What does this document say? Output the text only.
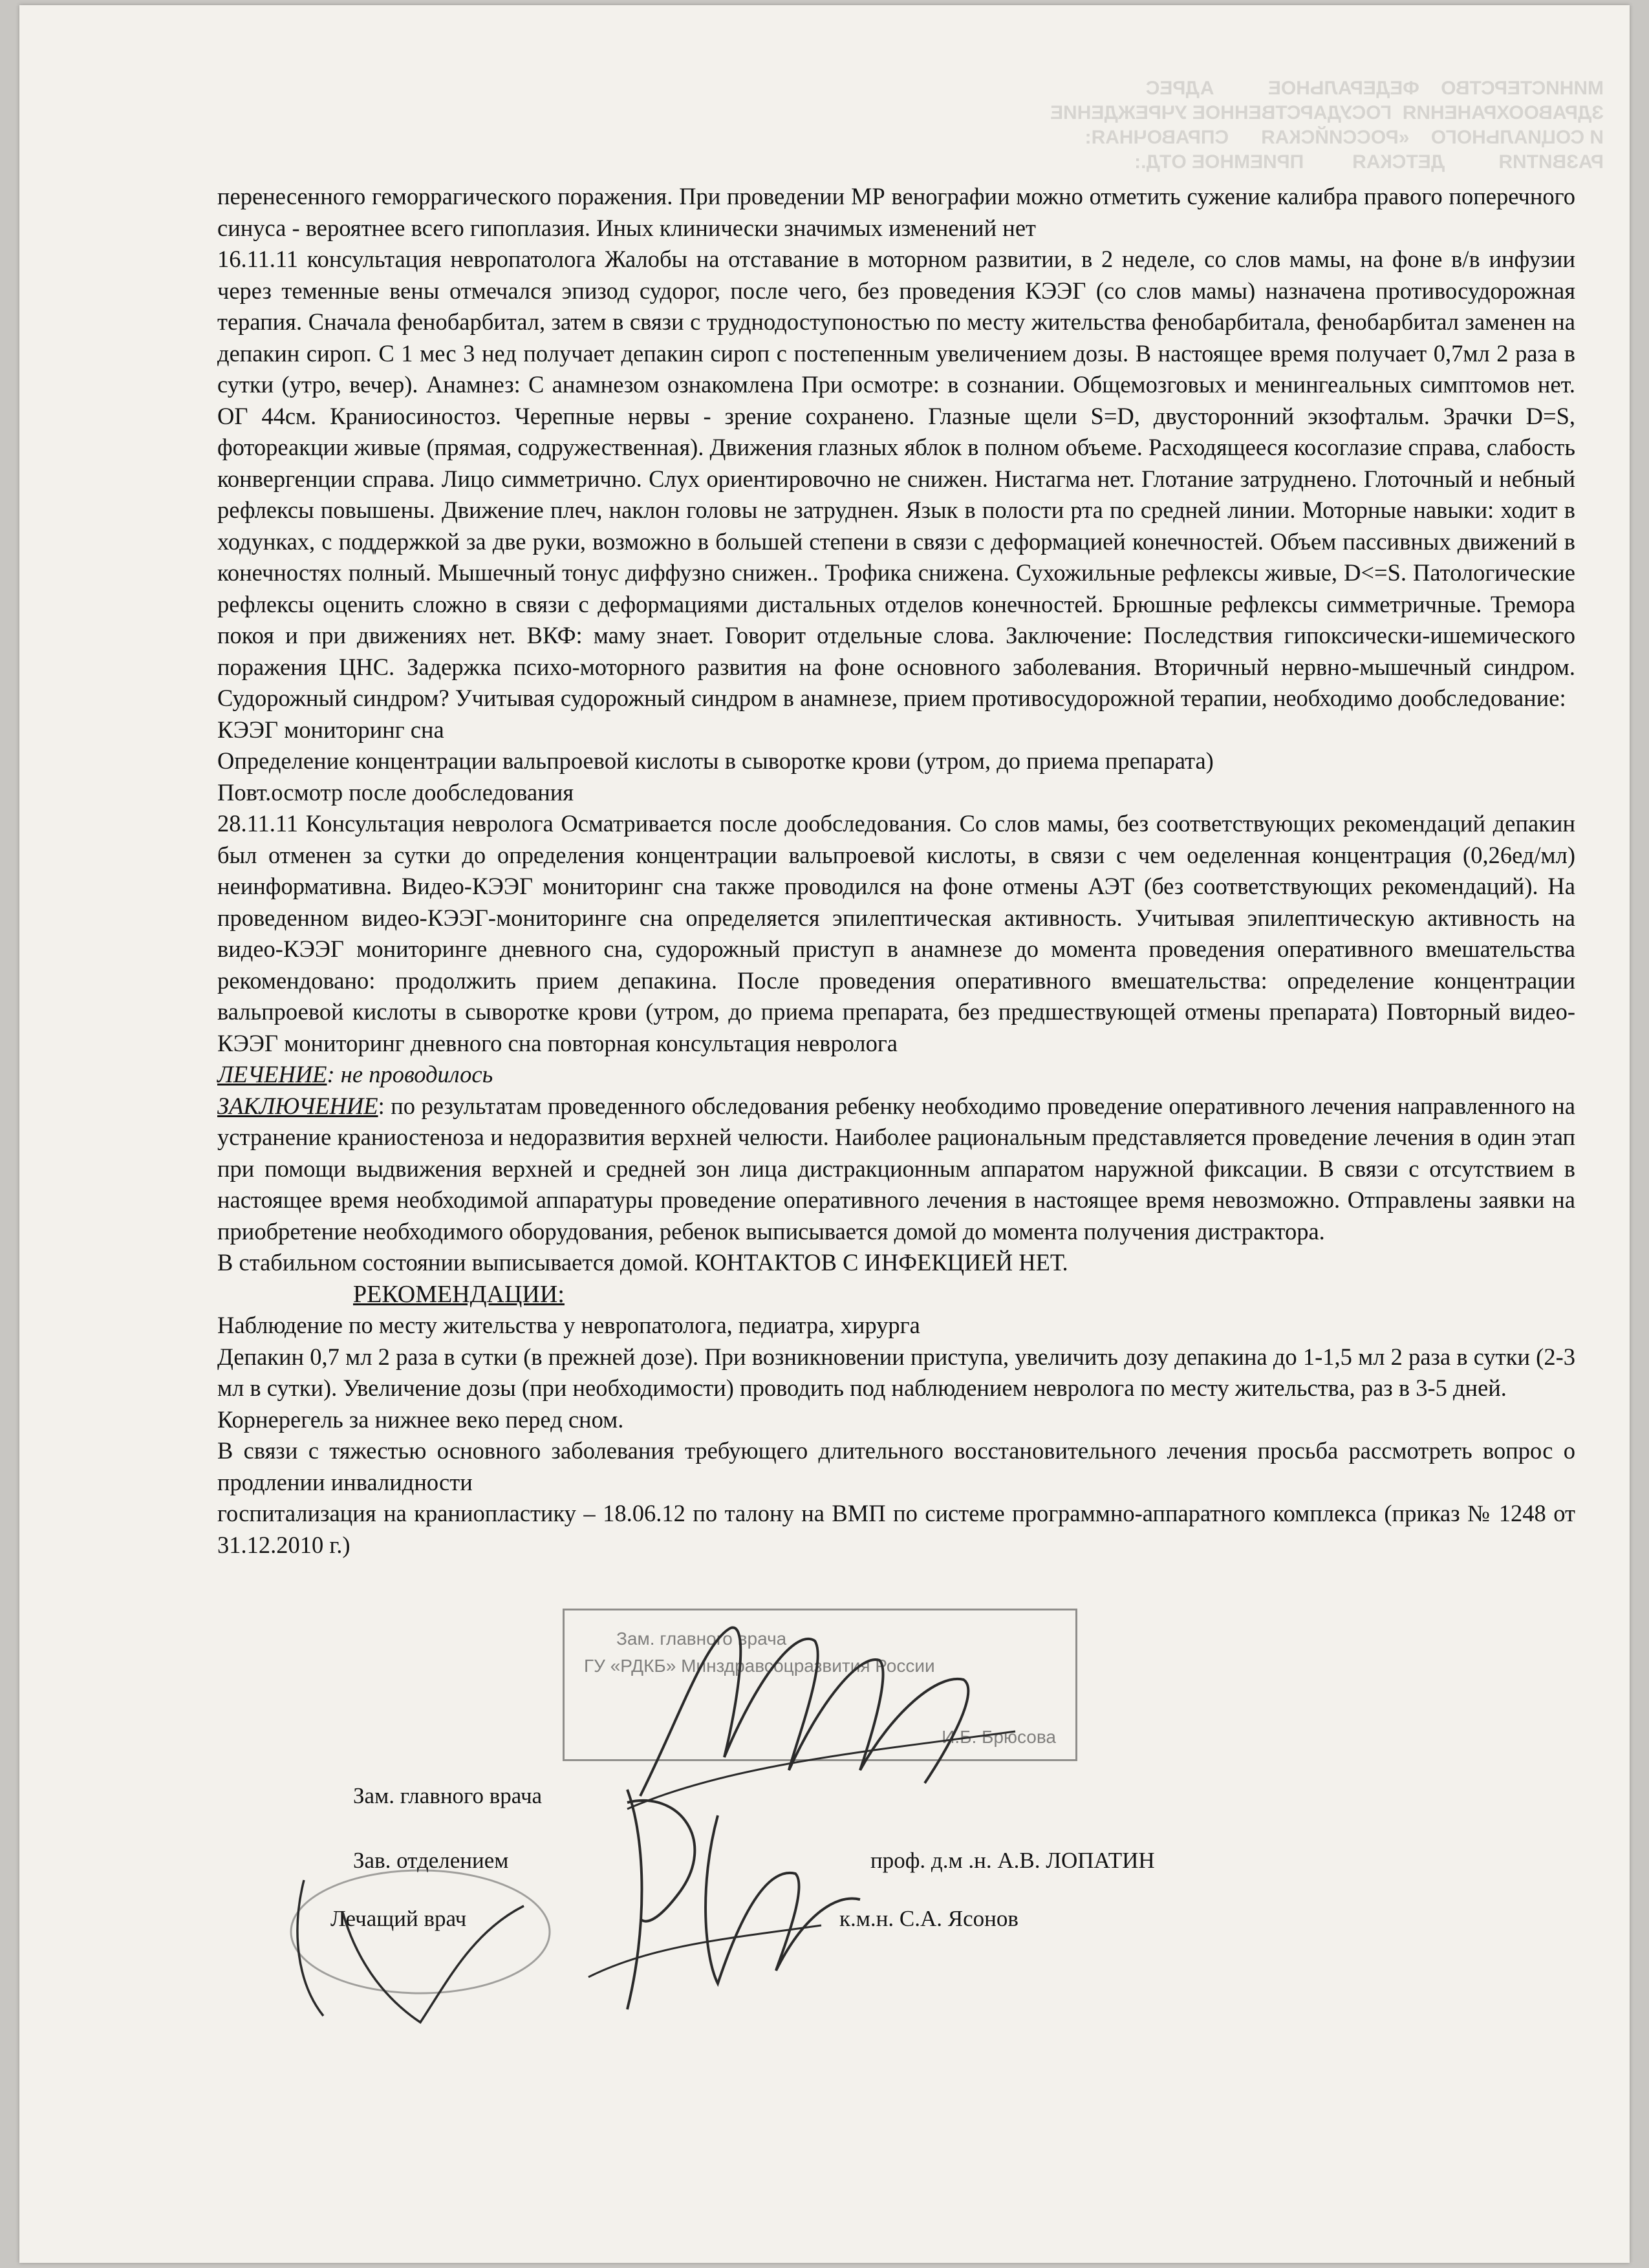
МИНИСТЕРСТВО    ФЕДЕРАЛЬНОЕ          АДРЕС
ЗДРАВООХРАНЕНИЯ  ГОСУДАРСТВЕННОЕ УЧРЕЖДЕНИЕ
И СОЦИАЛЬНОГО    «РОССИЙСКАЯ      СПРАВОЧНАЯ:
РАЗВИТИЯ          ДЕТСКАЯ         ПРИЕМНОЕ ОТД.:

перенесенного геморрагического поражения. При проведении МР венографии можно отметить сужение калибра правого поперечного синуса - вероятнее всего гипоплазия. Иных клинически значимых изменений нет

16.11.11 консультация невропатолога Жалобы на отставание в моторном развитии, в 2 неделе, со слов мамы, на фоне в/в инфузии через теменные вены отмечался эпизод судорог, после чего, без проведения КЭЭГ (со слов мамы) назначена противосудорожная терапия. Сначала фенобарбитал, затем в связи с труднодоступоностью по месту жительства фенобарбитала, фенобарбитал заменен на депакин сироп. С 1 мес 3 нед получает депакин сироп с постепенным увеличением дозы. В настоящее время получает 0,7мл 2 раза в сутки (утро, вечер). Анамнез: С анамнезом ознакомлена При осмотре: в сознании. Общемозговых и менингеальных симптомов нет. ОГ 44см. Краниосиностоз. Черепные нервы - зрение сохранено. Глазные щели S=D, двусторонний экзофтальм. Зрачки D=S, фотореакции живые (прямая, содружественная). Движения глазных яблок в полном объеме. Расходящееся косоглазие справа, слабость конвергенции справа. Лицо симметрично. Слух ориентировочно не снижен. Нистагма нет. Глотание затруднено. Глоточный и небный рефлексы повышены. Движение плеч, наклон головы не затруднен. Язык в полости рта по средней линии. Моторные навыки: ходит в ходунках, с поддержкой за две руки, возможно в большей степени в связи с деформацией конечностей. Объем пассивных движений в конечностях полный. Мышечный тонус диффузно снижен.. Трофика снижена. Сухожильные рефлексы живые, D<=S. Патологические рефлексы оценить сложно в связи с деформациями дистальных отделов конечностей. Брюшные рефлексы симметричные. Тремора покоя и при движениях нет. ВКФ: маму знает. Говорит отдельные слова. Заключение: Последствия гипоксически-ишемического поражения ЦНС. Задержка психо-моторного развития на фоне основного заболевания. Вторичный нервно-мышечный синдром. Судорожный синдром? Учитывая судорожный синдром в анамнезе, прием противосудорожной терапии, необходимо дообследование:

КЭЭГ мониторинг сна

Определение концентрации вальпроевой кислоты в сыворотке крови (утром, до приема препарата)

Повт.осмотр после дообследования

28.11.11 Консультация невролога Осматривается после дообследования. Со слов мамы, без соответствующих рекомендаций депакин был отменен за сутки до определения концентрации вальпроевой кислоты, в связи с чем оеделенная концентрация (0,26ед/мл) неинформативна. Видео-КЭЭГ мониторинг сна также проводился на фоне отмены АЭТ (без соответствующих рекомендаций). На проведенном видео-КЭЭГ-мониторинге сна определяется эпилептическая активность. Учитывая эпилептическую активность на видео-КЭЭГ мониторинге дневного сна, судорожный приступ в анамнезе до момента проведения оперативного вмешательства рекомендовано: продолжить прием депакина. После проведения оперативного вмешательства: определение концентрации вальпроевой кислоты в сыворотке крови (утром, до приема препарата, без предшествующей отмены препарата) Повторный видео-КЭЭГ мониторинг дневного сна повторная консультация невролога

ЛЕЧЕНИЕ: не проводилось

ЗАКЛЮЧЕНИЕ: по результатам проведенного обследования ребенку необходимо проведение оперативного лечения направленного на устранение краниостеноза и недоразвития верхней челюсти. Наиболее рациональным представляется проведение лечения в один этап при помощи выдвижения верхней и средней зон лица дистракционным аппаратом наружной фиксации. В связи с отсутствием в настоящее время необходимой аппаратуры проведение оперативного лечения в настоящее время невозможно. Отправлены заявки на приобретение необходимого оборудования, ребенок выписывается домой до момента получения дистрактора.

В стабильном состоянии выписывается домой. КОНТАКТОВ С ИНФЕКЦИЕЙ НЕТ.

РЕКОМЕНДАЦИИ:

Наблюдение по месту жительства у невропатолога, педиатра, хирурга

Депакин 0,7 мл 2 раза в сутки (в прежней дозе). При возникновении приступа, увеличить дозу депакина до 1-1,5 мл 2 раза в сутки (2-3 мл в сутки). Увеличение дозы (при необходимости) проводить под наблюдением невролога по месту жительства, раз в 3-5 дней.

Корнерегель за нижнее веко перед сном.

В связи с тяжестью основного заболевания требующего длительного восстановительного лечения просьба рассмотреть вопрос о продлении инвалидности

госпитализация на краниопластику – 18.06.12 по талону на ВМП по системе программно-аппаратного комплекса (приказ № 1248 от 31.12.2010 г.)

Зам. главного врача
ГУ «РДКБ» Минздравсоцразвития России
И.Б. Брюсова
Зам. главного врача
Зав. отделением	проф. д.м .н. А.В. ЛОПАТИН
Лечащий врач	к.м.н. С.А. Ясонов
